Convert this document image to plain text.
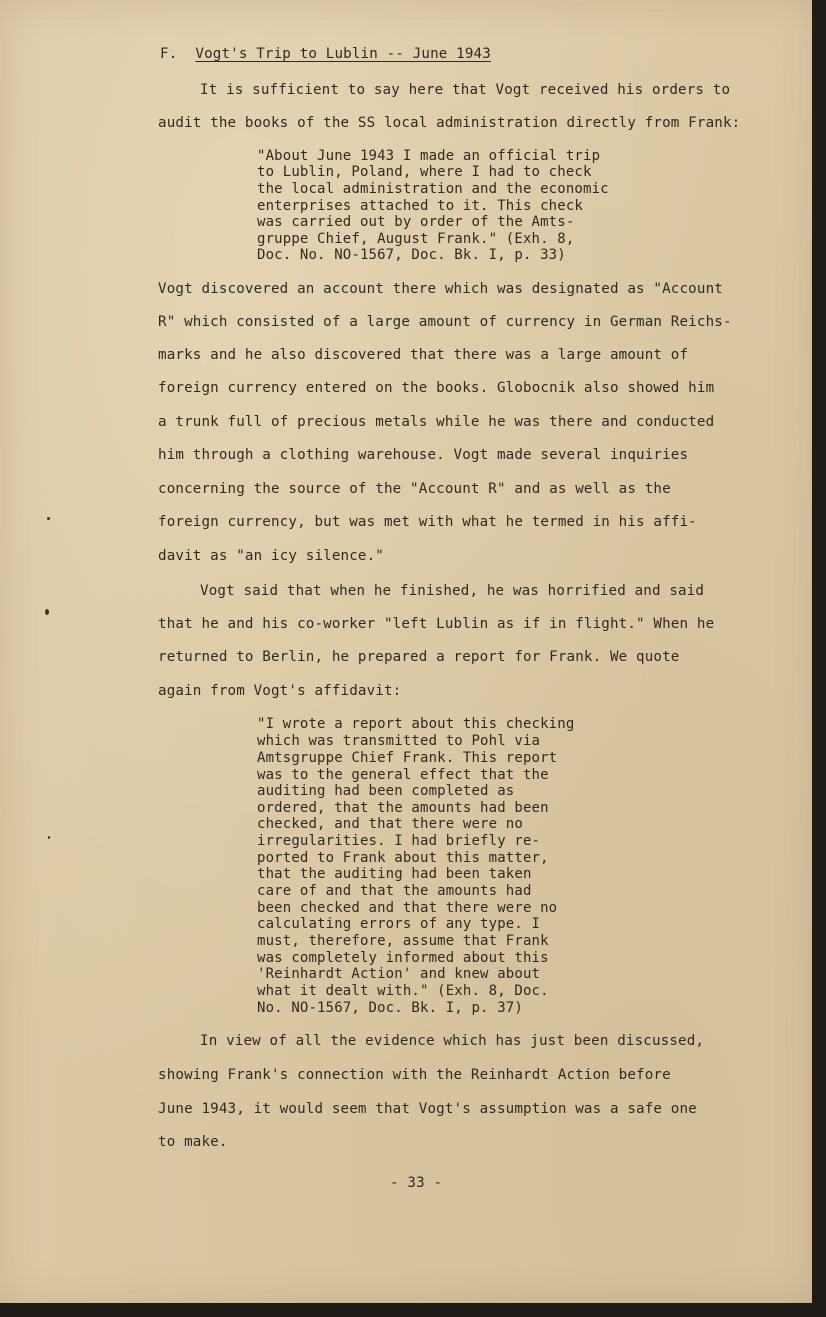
F. Vogt's Trip to Lublin -- June 1943
It is sufficient to say here that Vogt received his orders to
audit the books of the SS local administration directly from Frank:
"About June 1943 I made an official trip
to Lublin, Poland, where I had to check
the local administration and the economic
enterprises attached to it. This check
was carried out by order of the Amts-
gruppe Chief, August Frank." (Exh. 8,
Doc. No. NO-1567, Doc. Bk. I, p. 33)
Vogt discovered an account there which was designated as "Account
R" which consisted of a large amount of currency in German Reichs-
marks and he also discovered that there was a large amount of
foreign currency entered on the books. Globocnik also showed him
a trunk full of precious metals while he was there and conducted
him through a clothing warehouse. Vogt made several inquiries
concerning the source of the "Account R" and as well as the
foreign currency, but was met with what he termed in his affi-
davit as "an icy silence."
Vogt said that when he finished, he was horrified and said
that he and his co-worker "left Lublin as if in flight." When he
returned to Berlin, he prepared a report for Frank. We quote
again from Vogt's affidavit:
"I wrote a report about this checking
which was transmitted to Pohl via
Amtsgruppe Chief Frank. This report
was to the general effect that the
auditing had been completed as
ordered, that the amounts had been
checked, and that there were no
irregularities. I had briefly re-
ported to Frank about this matter,
that the auditing had been taken
care of and that the amounts had
been checked and that there were no
calculating errors of any type. I
must, therefore, assume that Frank
was completely informed about this
'Reinhardt Action' and knew about
what it dealt with." (Exh. 8, Doc.
No. NO-1567, Doc. Bk. I, p. 37)
In view of all the evidence which has just been discussed,
showing Frank's connection with the Reinhardt Action before
June 1943, it would seem that Vogt's assumption was a safe one
to make.
- 33 -
